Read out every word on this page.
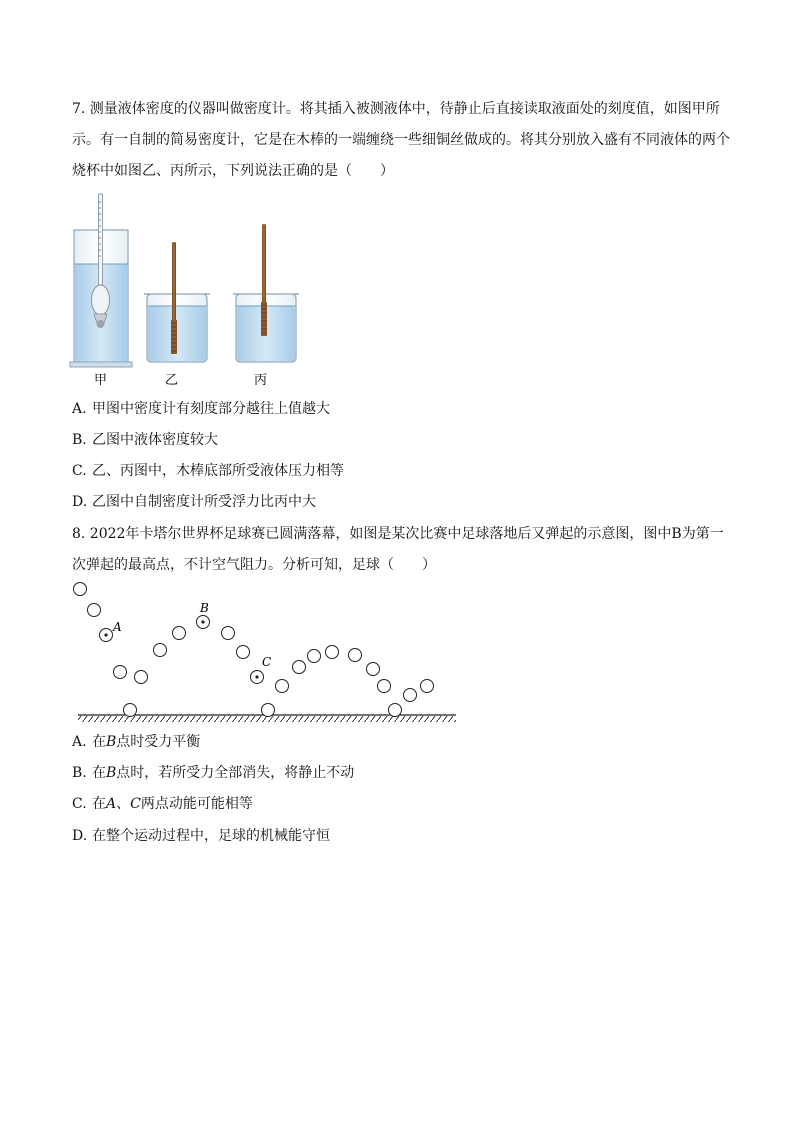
7. 测量液体密度的仪器叫做密度计。将其插入被测液体中，待静止后直接读取液面处的刻度值，如图甲所示。有一自制的简易密度计，它是在木棒的一端缠绕一些细铜丝做成的。将其分别放入盛有不同液体的两个烧杯中如图乙、丙所示，下列说法正确的是（　　）
甲	乙	丙
A. 甲图中密度计有刻度部分越往上值越大
B. 乙图中液体密度较大
C. 乙、丙图中，木棒底部所受液体压力相等
D. 乙图中自制密度计所受浮力比丙中大
8. 2022年卡塔尔世界杯足球赛已圆满落幕，如图是某次比赛中足球落地后又弹起的示意图，图中B为第一次弹起的最高点，不计空气阻力。分析可知，足球（　　）
A
B
C
A. 在B点时受力平衡
B. 在B点时，若所受力全部消失，将静止不动
C. 在A、C两点动能可能相等
D. 在整个运动过程中，足球的机械能守恒
